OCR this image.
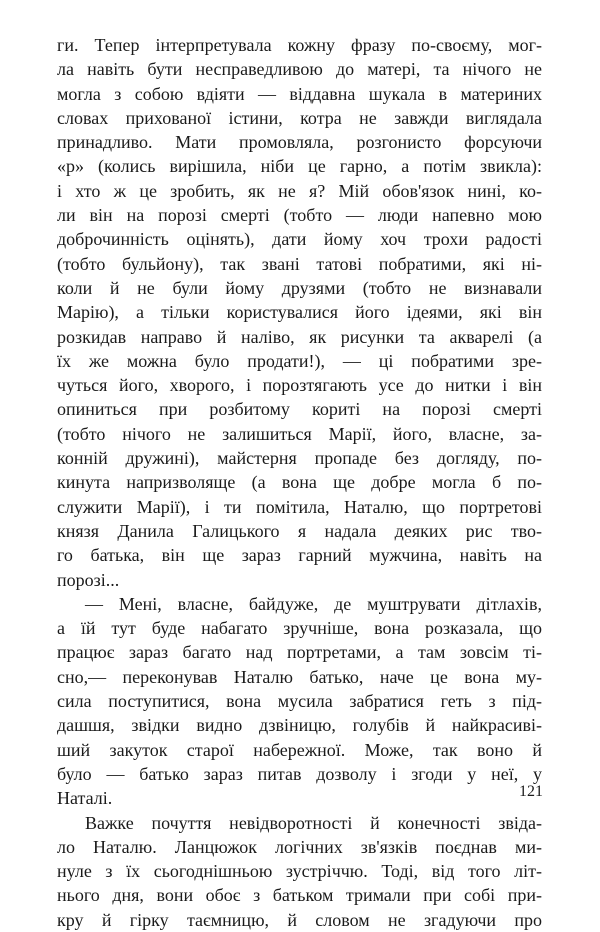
ги. Тепер інтерпретувала кожну фразу по-своєму, мог-
ла навіть бути несправедливою до матері, та нічого не
могла з собою вдіяти — віддавна шукала в материних
словах прихованої істини, котра не завжди виглядала
принадливо. Мати промовляла, розгонисто форсуючи
«р» (колись вирішила, ніби це гарно, а потім звикла):
і хто ж це зробить, як не я? Мій обов'язок нині, ко-
ли він на порозі смерті (тобто — люди напевно мою
доброчинність оцінять), дати йому хоч трохи радості
(тобто бульйону), так звані татові побратими, які ні-
коли й не були йому друзями (тобто не визнавали
Марію), а тільки користувалися його ідеями, які він
розкидав направо й наліво, як рисунки та акварелі (а
їх же можна було продати!), — ці побратими зре-
чуться його, хворого, і порозтягають усе до нитки і він
опиниться при розбитому кориті на порозі смерті
(тобто нічого не залишиться Марії, його, власне, за-
конній дружині), майстерня пропаде без догляду, по-
кинута напризволяще (а вона ще добре могла б по-
служити Марії), і ти помітила, Наталю, що портретові
князя Данила Галицького я надала деяких рис тво-
го батька, він ще зараз гарний мужчина, навіть на
порозі...
— Мені, власне, байдуже, де муштрувати дітлахів,
а їй тут буде набагато зручніше, вона розказала, що
працює зараз багато над портретами, а там зовсім ті-
сно,— переконував Наталю батько, наче це вона му-
сила поступитися, вона мусила забратися геть з під-
дашшя, звідки видно дзвіницю, голубів й найкрасиві-
ший закуток старої набережної. Може, так воно й
було — батько зараз питав дозволу і згоди у неї, у
Наталі.
Важке почуття невідворотності й конечності звіда-
ло Наталю. Ланцюжок логічних зв'язків поєднав ми-
нуле з їх сьогоднішньою зустріччю. Тоді, від того літ-
нього дня, вони обоє з батьком тримали при собі при-
кру й гірку таємницю, й словом не згадуючи про
121
